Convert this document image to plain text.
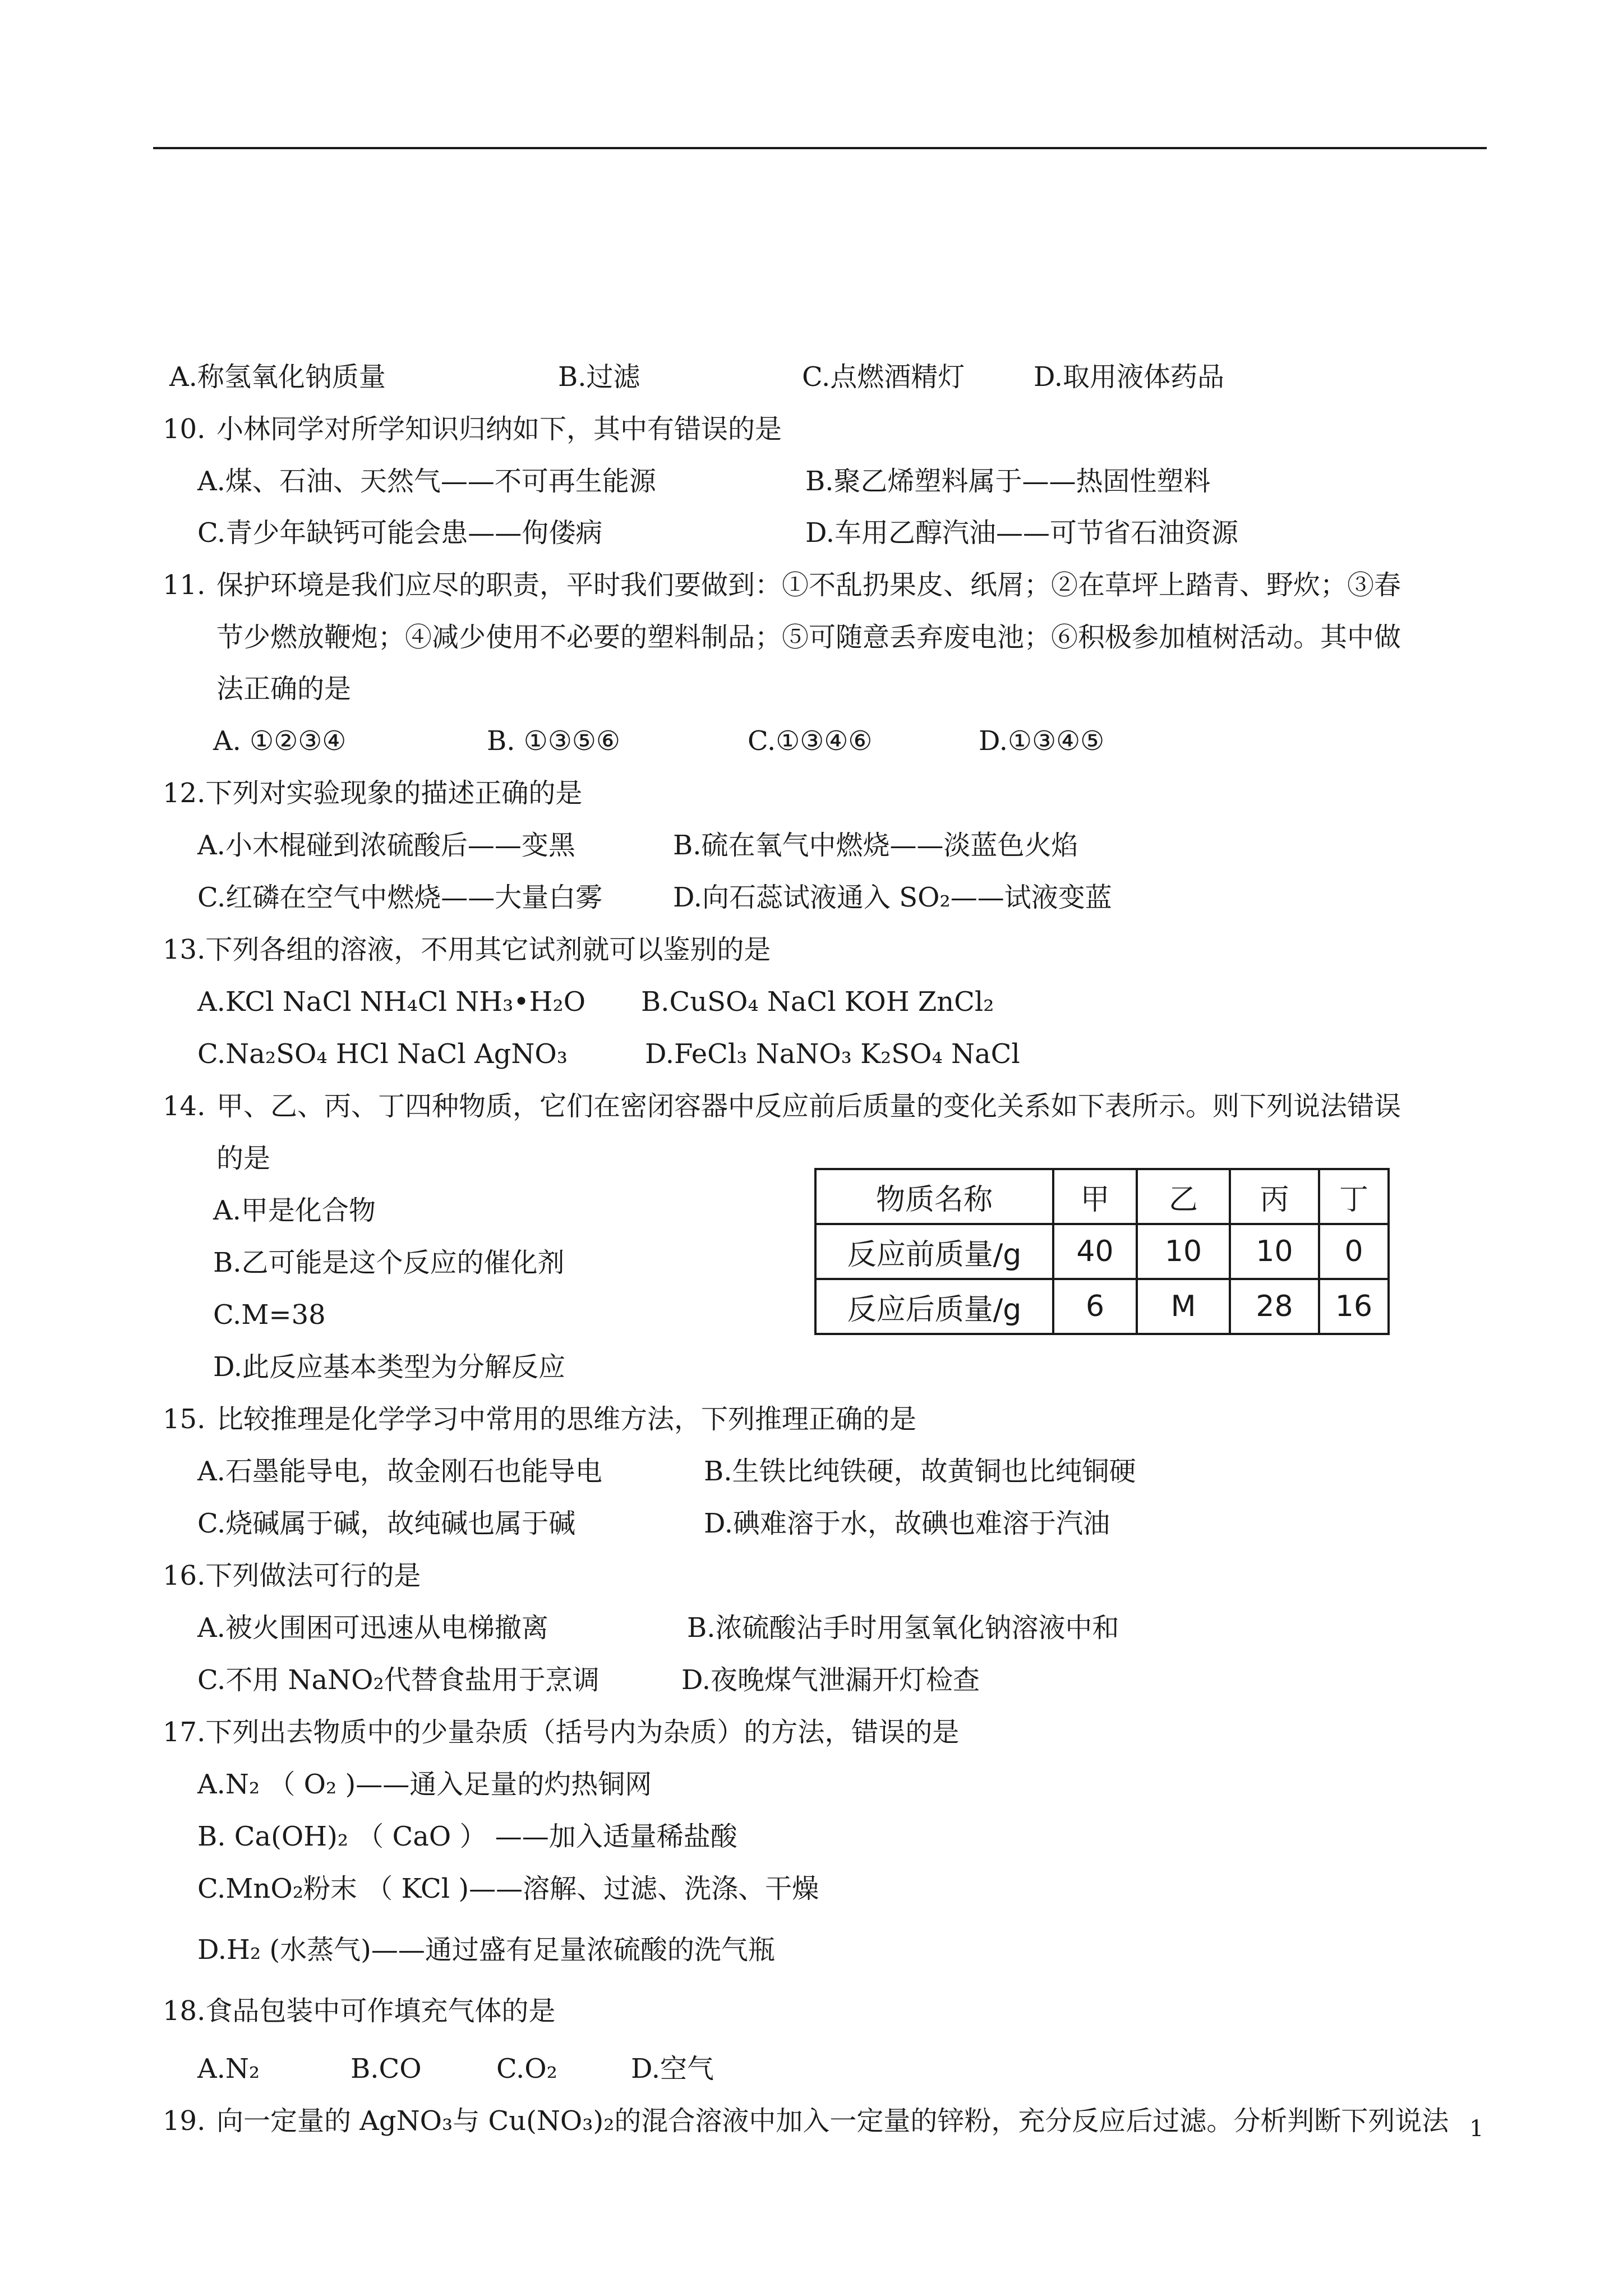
A.称氢氧化钠质量

	B.过滤

	C.点燃酒精灯

	D.取用液体药品

10.

小林同学对所学知识归纳如下，其中有错误的是

A.煤、石油、天然气——不可再生能源

	B.聚乙烯塑料属于——热固性塑料

C.青少年缺钙可能会患——佝偻病

	D.车用乙醇汽油——可节省石油资源

11.

保护环境是我们应尽的职责，平时我们要做到：①不乱扔果皮、纸屑；②在草坪上踏青、野炊；③春

节少燃放鞭炮；④减少使用不必要的塑料制品；⑤可随意丢弃废电池；⑥积极参加植树活动。其中做
法正确的是

A. ①②③④

	B. ①③⑤⑥

	C.①③④⑥

	D.①③④⑤

12.下列对实验现象的描述正确的是

A.小木棍碰到浓硫酸后——变黑

	B.硫在氧气中燃烧——淡蓝色火焰

C.红磷在空气中燃烧——大量白雾

	D.向石蕊试液通入 SO₂——试液变蓝

13.下列各组的溶液，不用其它试剂就可以鉴别的是

A.KCl NaCl NH₄Cl NH₃•H₂O

B.CuSO₄ NaCl KOH ZnCl₂

C.Na₂SO₄ HCl NaCl AgNO₃

	D.FeCl₃ NaNO₃ K₂SO₄ NaCl

14.

甲、乙、丙、丁四种物质，它们在密闭容器中反应前后质量的变化关系如下表所示。则下列说法错误

的是
A.甲是化合物
B.乙可能是这个反应的催化剂
C.M=38
D.此反应基本类型为分解反应
物质名称	甲	乙	丙	丁
反应前质量/g	40	10	10	0
反应后质量/g	6	M	28	16

15.

比较推理是化学学习中常用的思维方法，下列推理正确的是

A.石墨能导电，故金刚石也能导电

	B.生铁比纯铁硬，故黄铜也比纯铜硬

C.烧碱属于碱，故纯碱也属于碱

	D.碘难溶于水，故碘也难溶于汽油

16.下列做法可行的是

A.被火围困可迅速从电梯撤离

	B.浓硫酸沾手时用氢氧化钠溶液中和

C.不用 NaNO₂代替食盐用于烹调

	D.夜晚煤气泄漏开灯检查

17.下列出去物质中的少量杂质（括号内为杂质）的方法，错误的是
A.N₂ （ O₂ )——通入足量的灼热铜网
B. Ca(OH)₂ （ CaO ） ——加入适量稀盐酸
C.MnO₂粉末 （ KCl )——溶解、过滤、洗涤、干燥
D.H₂ (水蒸气)——通过盛有足量浓硫酸的洗气瓶
18.食品包装中可作填充气体的是

A.N₂

	B.CO

	C.O₂

	D.空气

19.

向一定量的 AgNO₃与 Cu(NO₃)₂的混合溶液中加入一定量的锌粉，充分反应后过滤。分析判断下列说法 1
